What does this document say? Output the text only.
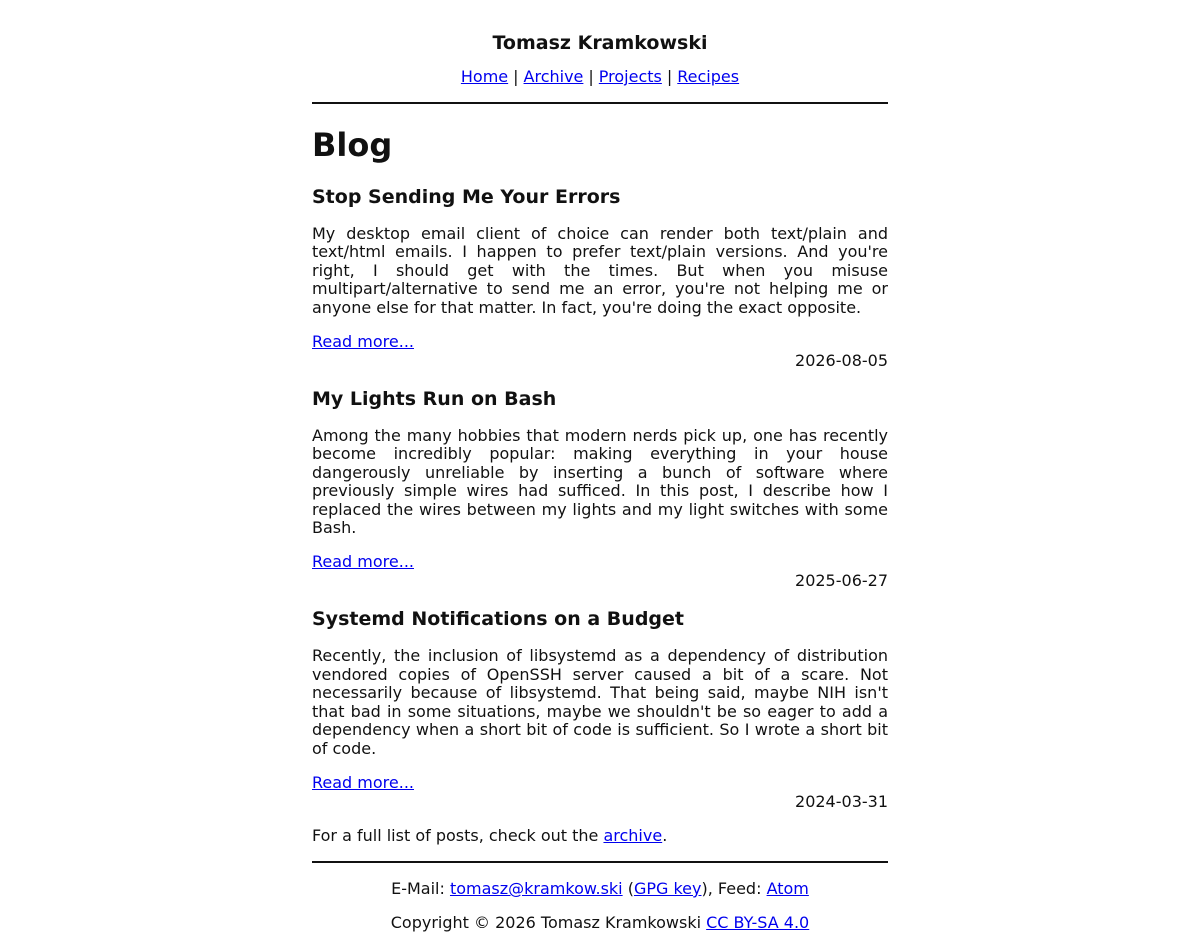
Tomasz Kramkowski
Home | Archive | Projects | Recipes
Blog
Stop Sending Me Your Errors

My desktop email client of choice can render both text/plain and text/html emails. I happen to prefer text/plain versions. And you're right, I should get with the times. But when you misuse multipart/alternative to send me an error, you're not helping me or anyone else for that matter. In fact, you're doing the exact opposite.

Read more...

2026-08-05

My Lights Run on Bash

Among the many hobbies that modern nerds pick up, one has recently become incredibly popular: making everything in your house dangerously unreliable by inserting a bunch of software where previously simple wires had sufficed. In this post, I describe how I replaced the wires between my lights and my light switches with some Bash.

Read more...

2025-06-27

Systemd Notifications on a Budget

Recently, the inclusion of libsystemd as a dependency of distribution vendored copies of OpenSSH server caused a bit of a scare. Not necessarily because of libsystemd. That being said, maybe NIH isn't that bad in some situations, maybe we shouldn't be so eager to add a dependency when a short bit of code is sufficient. So I wrote a short bit of code.

Read more...

2024-03-31

For a full list of posts, check out the archive.

E-Mail: tomasz@kramkow.ski (GPG key), Feed: Atom

Copyright © 2026 Tomasz Kramkowski CC BY-SA 4.0
